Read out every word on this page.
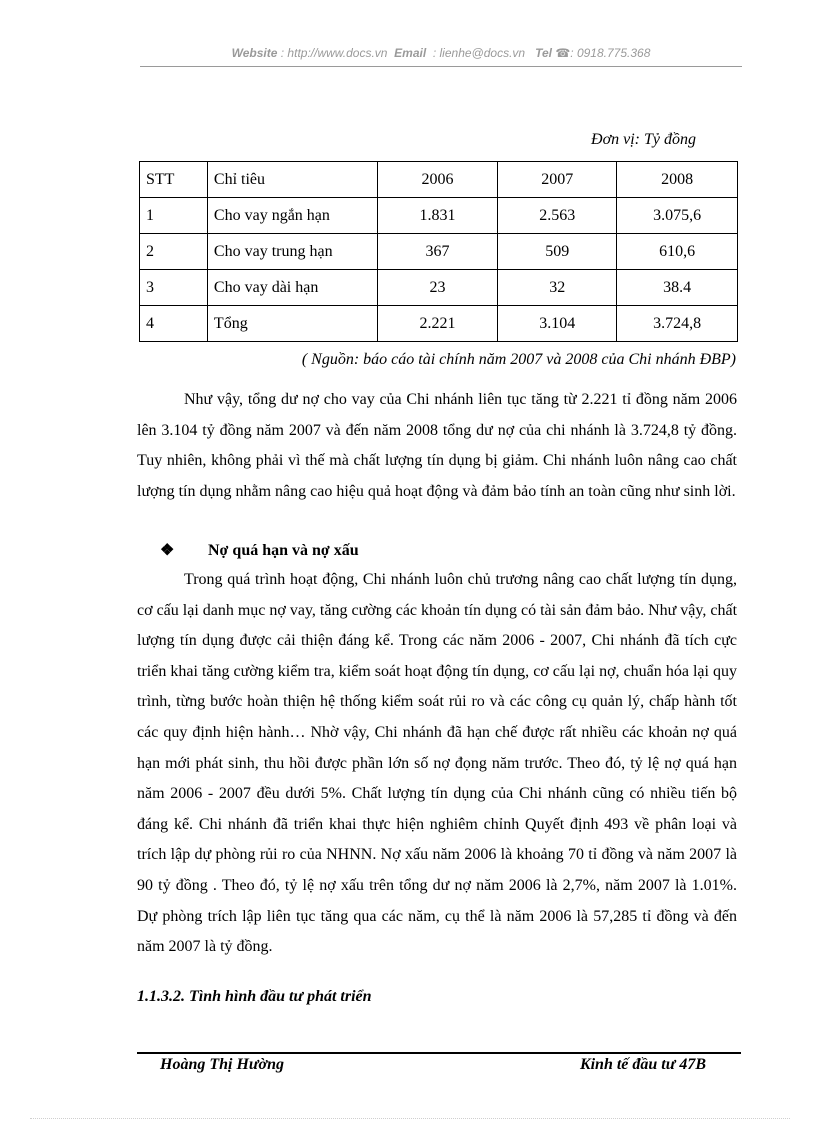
Website : http://www.docs.vn Email : lienhe@docs.vn Tel ☎: 0918.775.368
Đơn vị: Tỷ đồng
STT	Chỉ tiêu	2006	2007	2008
1	Cho vay ngắn hạn	1.831	2.563	3.075,6
2	Cho vay trung hạn	367	509	610,6
3	Cho vay dài hạn	23	32	38.4
4	Tổng	2.221	3.104	3.724,8
( Nguồn: báo cáo tài chính năm 2007 và 2008 của Chi nhánh ĐBP)
Như vậy, tổng dư nợ cho vay của Chi nhánh liên tục tăng từ 2.221 tỉ đồng năm 2006 lên 3.104 tỷ đồng năm 2007 và đến năm 2008 tổng dư nợ của chi nhánh là 3.724,8 tỷ đồng. Tuy nhiên, không phải vì thế mà chất lượng tín dụng bị giảm. Chi nhánh luôn nâng cao chất lượng tín dụng nhằm nâng cao hiệu quả hoạt động và đảm bảo tính an toàn cũng như sinh lời.
❖ Nợ quá hạn và nợ xấu
Trong quá trình hoạt động, Chi nhánh luôn chủ trương nâng cao chất lượng tín dụng, cơ cấu lại danh mục nợ vay, tăng cường các khoản tín dụng có tài sản đảm bảo. Như vậy, chất lượng tín dụng được cải thiện đáng kể. Trong các năm 2006 - 2007, Chi nhánh đã tích cực triển khai tăng cường kiểm tra, kiểm soát hoạt động tín dụng, cơ cấu lại nợ, chuẩn hóa lại quy trình, từng bước hoàn thiện hệ thống kiểm soát rủi ro và các công cụ quản lý, chấp hành tốt các quy định hiện hành… Nhờ vậy, Chi nhánh đã hạn chế được rất nhiều các khoản nợ quá hạn mới phát sinh, thu hồi được phần lớn số nợ đọng năm trước. Theo đó, tỷ lệ nợ quá hạn năm 2006 - 2007 đều dưới 5%. Chất lượng tín dụng của Chi nhánh cũng có nhiều tiến bộ đáng kể. Chi nhánh đã triển khai thực hiện nghiêm chỉnh Quyết định 493 về phân loại và trích lập dự phòng rủi ro của NHNN. Nợ xấu năm 2006 là khoảng 70 tỉ đồng và năm 2007 là 90 tỷ đồng . Theo đó, tỷ lệ nợ xấu trên tổng dư nợ năm 2006 là 2,7%, năm 2007 là 1.01%. Dự phòng trích lập liên tục tăng qua các năm, cụ thể là năm 2006 là 57,285 tỉ đồng và đến năm 2007 là tỷ đồng.
1.1.3.2. Tình hình đầu tư phát triển
Hoàng Thị Hường	Kinh tế đầu tư 47B
